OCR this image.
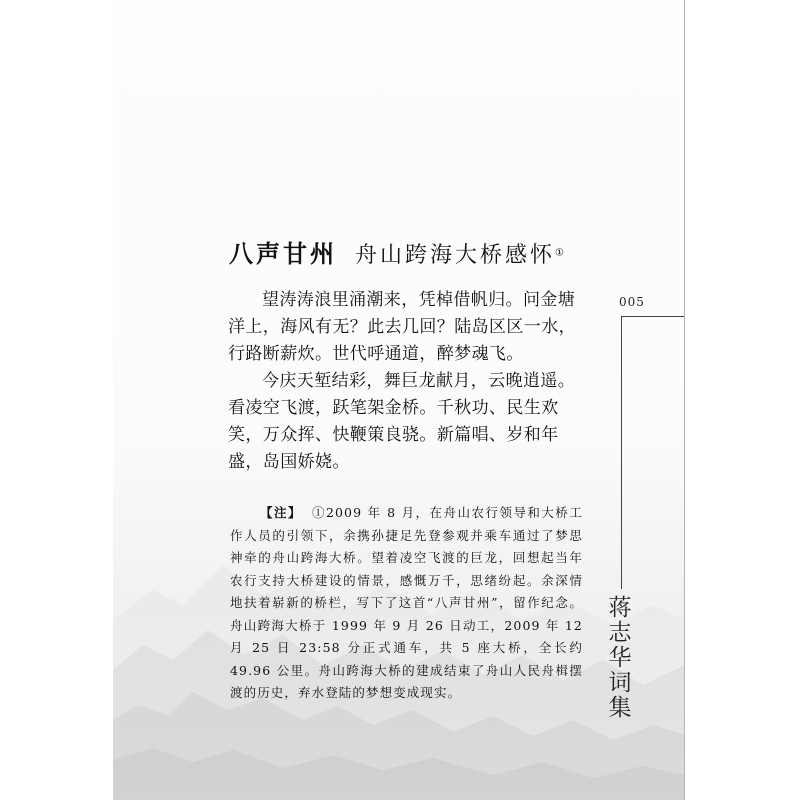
八声甘州 舟山跨海大桥感怀①

望涛涛浪里涌潮来，凭棹借帆归。问金塘洋上，海风有无？此去几回？陆岛区区一水，行路断薪炊。世代呼通道，醉梦魂飞。

今庆天堑结彩，舞巨龙献月，云晚逍遥。看凌空飞渡，跃笔架金桥。千秋功、民生欢笑，万众挥、快鞭策良骁。新篇唱、岁和年盛，岛国娇娆。

【注】 ①2009 年 8 月，在舟山农行领导和大桥工作人员的引领下，余携孙捷足先登参观并乘车通过了梦思神牵的舟山跨海大桥。望着凌空飞渡的巨龙，回想起当年农行支持大桥建设的情景，感慨万千，思绪纷起。余深情地扶着崭新的桥栏，写下了这首“八声甘州”，留作纪念。舟山跨海大桥于 1999 年 9 月 26 日动工，2009 年 12 月 25 日 23:58 分正式通车，共 5 座大桥，全长约 49.96 公里。舟山跨海大桥的建成结束了舟山人民舟楫摆渡的历史，弃水登陆的梦想变成现实。
005
蒋
志
华
词
集
